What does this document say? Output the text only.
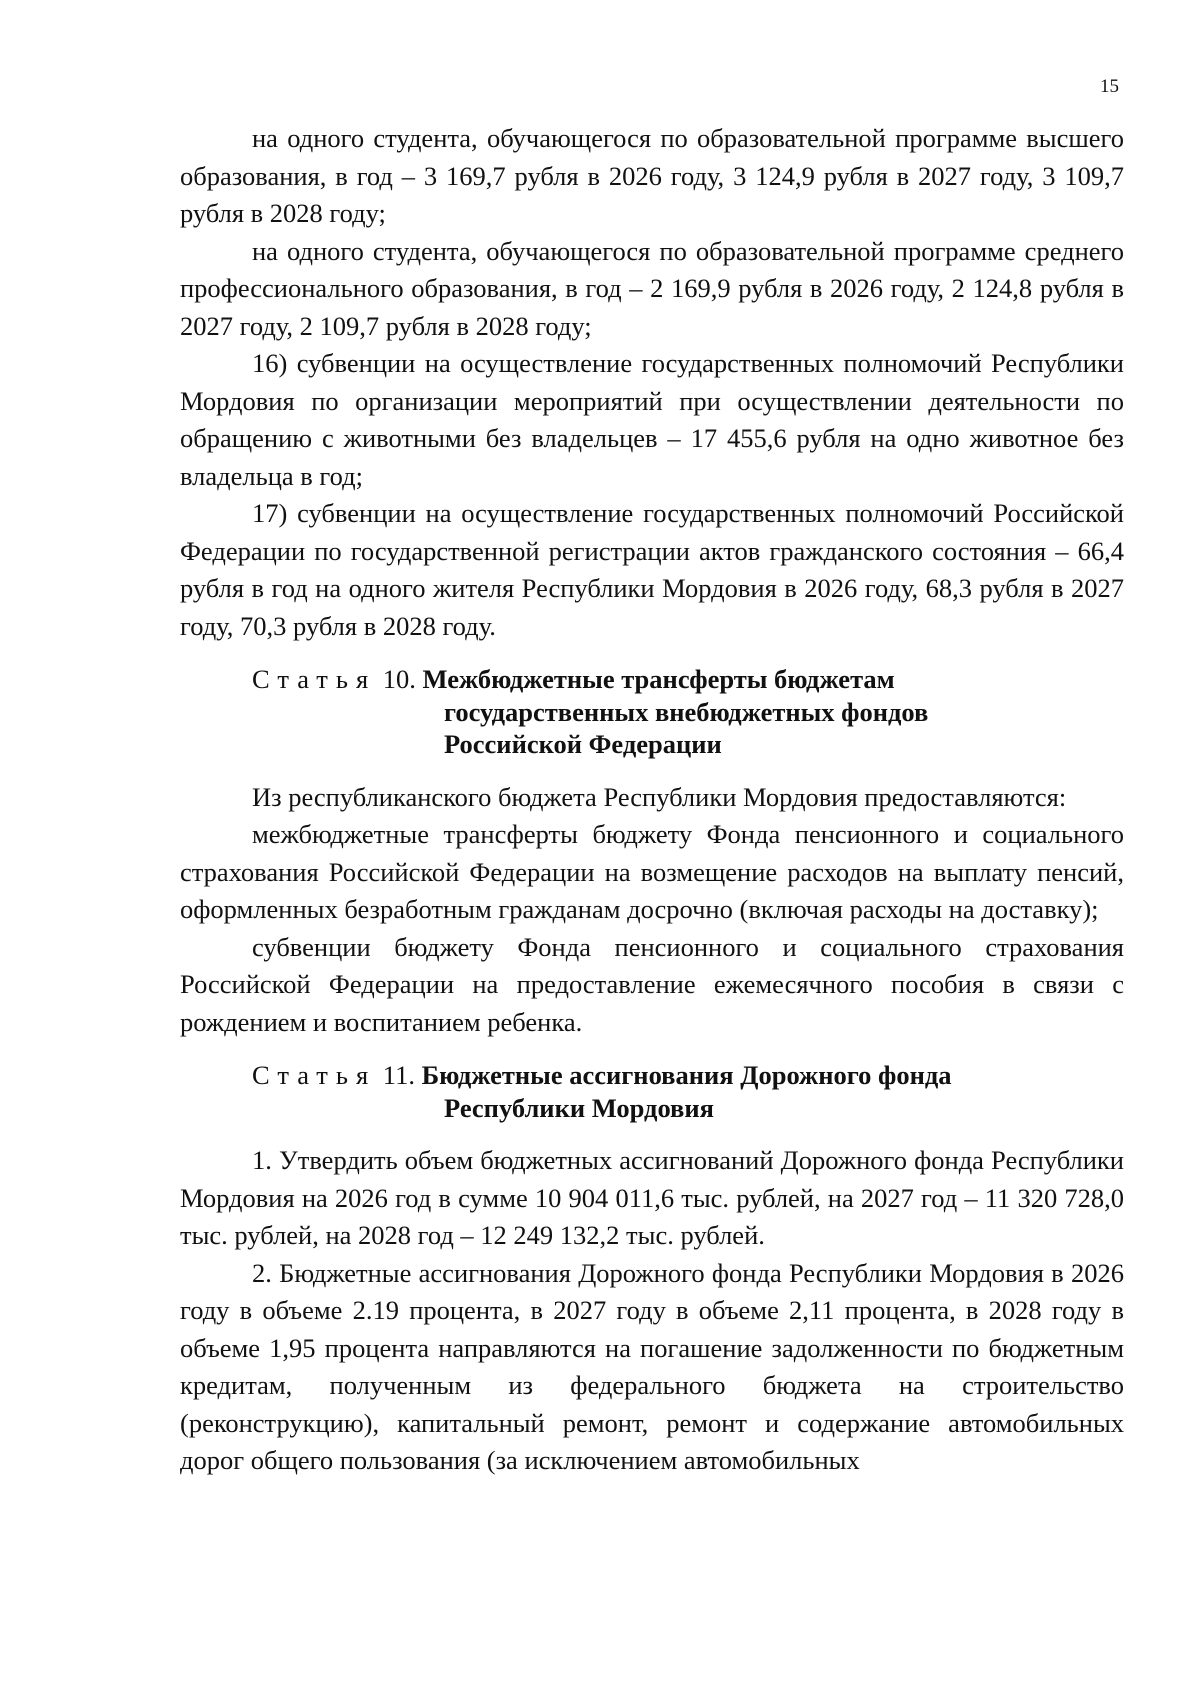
15

на одного студента, обучающегося по образовательной программе высшего образования, в год – 3 169,7 рубля в 2026 году, 3 124,9 рубля в 2027 году, 3 109,7 рубля в 2028 году;

на одного студента, обучающегося по образовательной программе среднего профессионального образования, в год – 2 169,9 рубля в 2026 году, 2 124,8 рубля в 2027 году, 2 109,7 рубля в 2028 году;

16) субвенции на осуществление государственных полномочий Республики Мордовия по организации мероприятий при осуществлении деятельности по обращению с животными без владельцев – 17 455,6 рубля на одно животное без владельца в год;

17) субвенции на осуществление государственных полномочий Российской Федерации по государственной регистрации актов гражданского состояния – 66,4 рубля в год на одного жителя Республики Мордовия в 2026 году, 68,3 рубля в 2027 году, 70,3 рубля в 2028 году.

Статья 10. Межбюджетные трансферты бюджетам
государственных внебюджетных фондов
Российской Федерации

Из республиканского бюджета Республики Мордовия предоставляются:

межбюджетные трансферты бюджету Фонда пенсионного и социального страхования Российской Федерации на возмещение расходов на выплату пенсий, оформленных безработным гражданам досрочно (включая расходы на доставку);

субвенции бюджету Фонда пенсионного и социального страхования Российской Федерации на предоставление ежемесячного пособия в связи с рождением и воспитанием ребенка.

Статья 11. Бюджетные ассигнования Дорожного фонда
Республики Мордовия

1. Утвердить объем бюджетных ассигнований Дорожного фонда Республики Мордовия на 2026 год в сумме 10 904 011,6 тыс. рублей, на 2027 год – 11 320 728,0 тыс. рублей, на 2028 год – 12 249 132,2 тыс. рублей.

2. Бюджетные ассигнования Дорожного фонда Республики Мордовия в 2026 году в объеме 2.19 процента, в 2027 году в объеме 2,11 процента, в 2028 году в объеме 1,95 процента направляются на погашение задолженности по бюджетным кредитам, полученным из федерального бюджета на строительство (реконструкцию), капитальный ремонт, ремонт и содержание автомобильных дорог общего пользования (за исключением автомобильных
